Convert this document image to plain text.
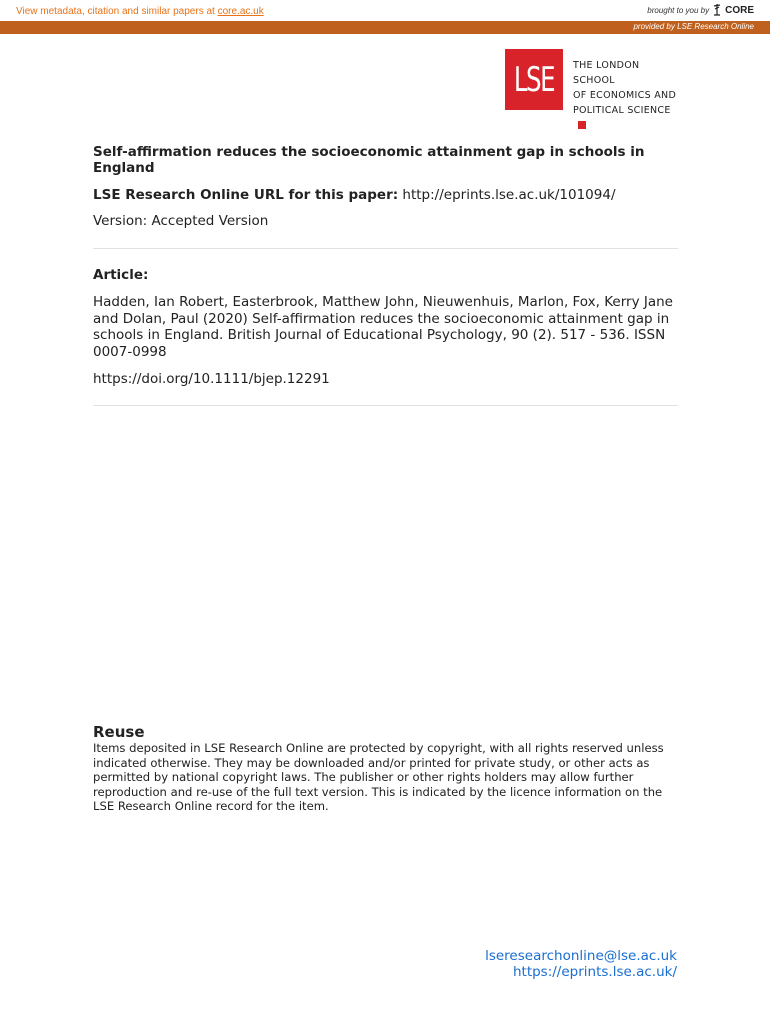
View metadata, citation and similar papers at core.ac.uk	brought to you by CORE
provided by LSE Research Online
LSE THE LONDON SCHOOL
OF ECONOMICS AND
POLITICAL SCIENCE
Self-affirmation reduces the socioeconomic attainment gap in schools in England
LSE Research Online URL for this paper: http://eprints.lse.ac.uk/101094/
Version: Accepted Version
Article:
Hadden, Ian Robert, Easterbrook, Matthew John, Nieuwenhuis, Marlon, Fox, Kerry Jane and Dolan, Paul (2020) Self-affirmation reduces the socioeconomic attainment gap in schools in England. British Journal of Educational Psychology, 90 (2). 517 - 536. ISSN 0007-0998
https://doi.org/10.1111/bjep.12291
Reuse
Items deposited in LSE Research Online are protected by copyright, with all rights reserved unless indicated otherwise. They may be downloaded and/or printed for private study, or other acts as permitted by national copyright laws. The publisher or other rights holders may allow further reproduction and re-use of the full text version. This is indicated by the licence information on the LSE Research Online record for the item.
lseresearchonline@lse.ac.uk
https://eprints.lse.ac.uk/
